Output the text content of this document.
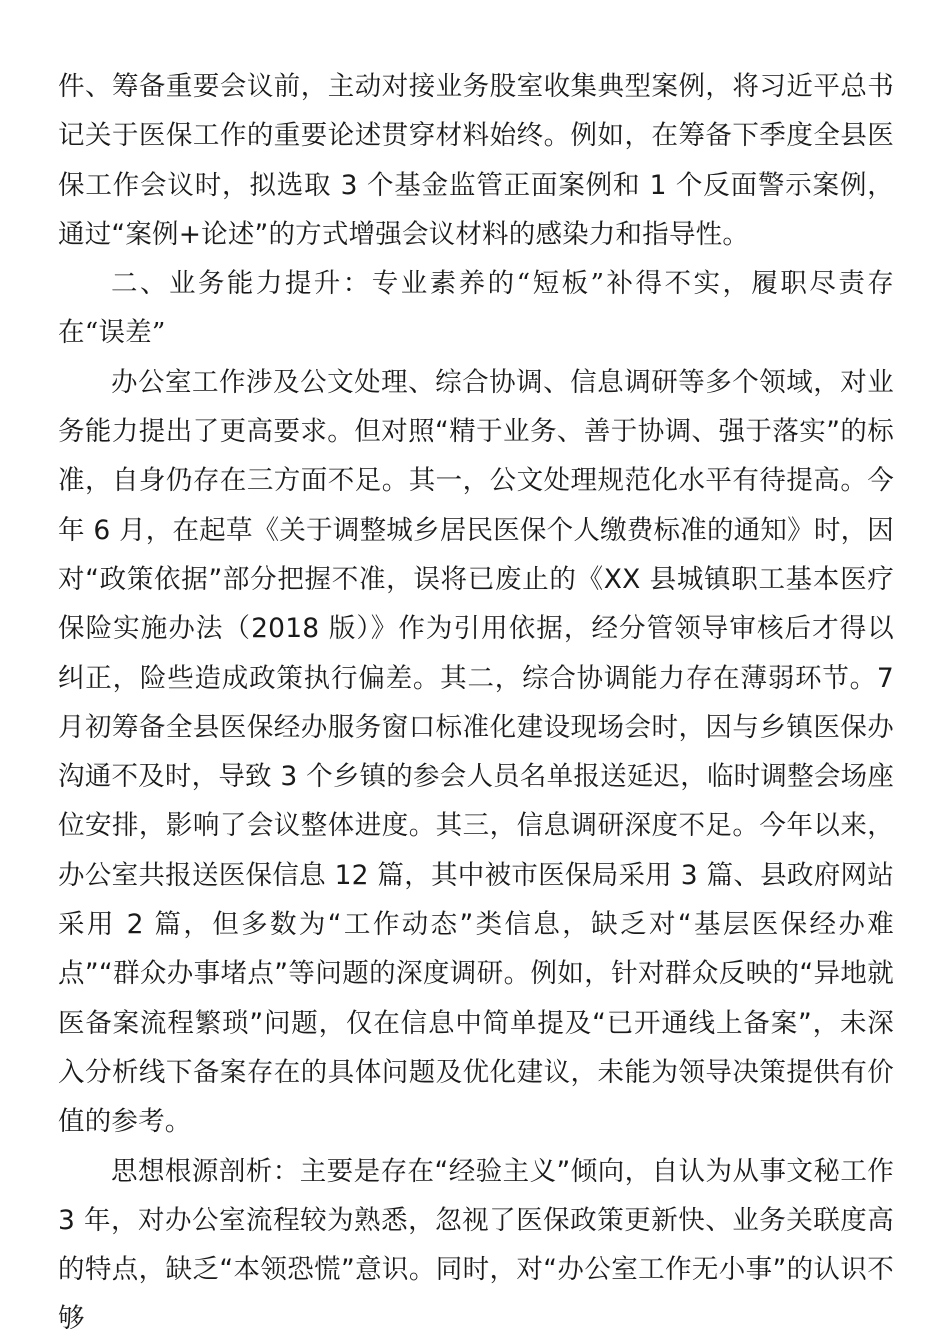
件、筹备重要会议前，主动对接业务股室收集典型案例，将习近平总书记关于医保工作的重要论述贯穿材料始终。例如，在筹备下季度全县医保工作会议时，拟选取 3 个基金监管正面案例和 1 个反面警示案例，通过“案例+论述”的方式增强会议材料的感染力和指导性。

二、业务能力提升：专业素养的“短板”补得不实，履职尽责存在“误差”

办公室工作涉及公文处理、综合协调、信息调研等多个领域，对业务能力提出了更高要求。但对照“精于业务、善于协调、强于落实”的标准，自身仍存在三方面不足。其一，公文处理规范化水平有待提高。今年 6 月，在起草《关于调整城乡居民医保个人缴费标准的通知》时，因对“政策依据”部分把握不准，误将已废止的《XX 县城镇职工基本医疗保险实施办法（2018 版）》作为引用依据，经分管领导审核后才得以纠正，险些造成政策执行偏差。其二，综合协调能力存在薄弱环节。7 月初筹备全县医保经办服务窗口标准化建设现场会时，因与乡镇医保办沟通不及时，导致 3 个乡镇的参会人员名单报送延迟，临时调整会场座位安排，影响了会议整体进度。其三，信息调研深度不足。今年以来，办公室共报送医保信息 12 篇，其中被市医保局采用 3 篇、县政府网站采用 2 篇，但多数为“工作动态”类信息，缺乏对“基层医保经办难点”“群众办事堵点”等问题的深度调研。例如，针对群众反映的“异地就医备案流程繁琐”问题，仅在信息中简单提及“已开通线上备案”，未深入分析线下备案存在的具体问题及优化建议，未能为领导决策提供有价值的参考。

思想根源剖析：主要是存在“经验主义”倾向，自认为从事文秘工作 3 年，对办公室流程较为熟悉，忽视了医保政策更新快、业务关联度高的特点，缺乏“本领恐慌”意识。同时，对“办公室工作无小事”的认识不够
